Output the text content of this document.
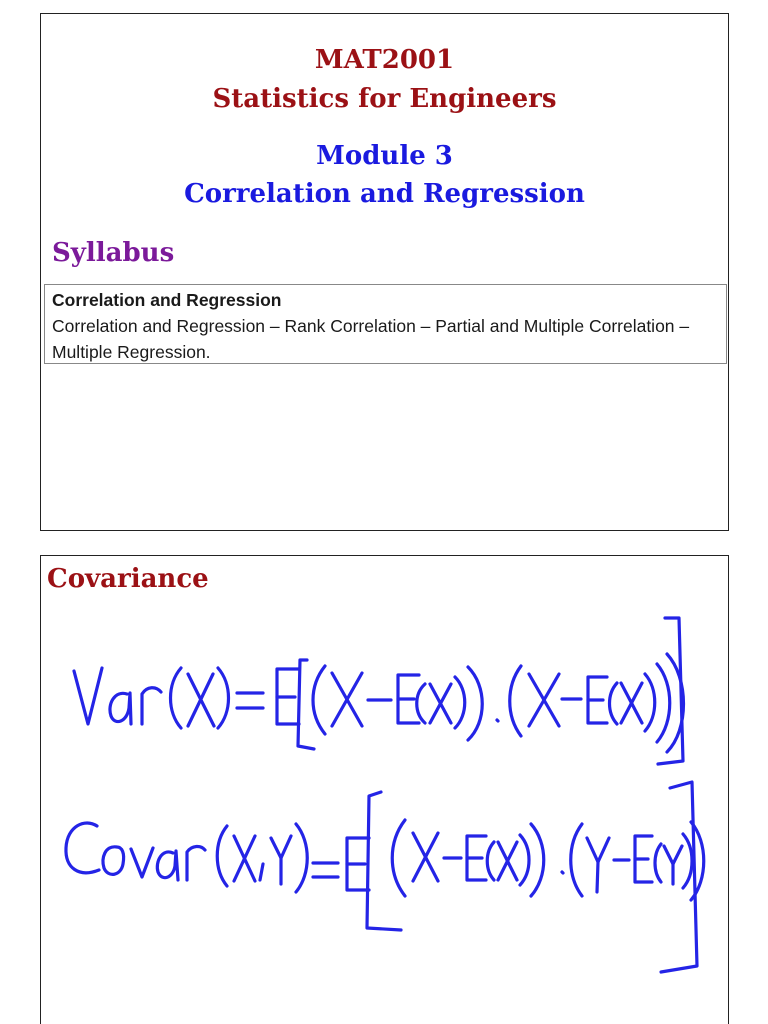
MAT2001
Statistics for Engineers
Module 3
Correlation and Regression
Syllabus
Correlation and Regression
Correlation and Regression – Rank Correlation – Partial and Multiple Correlation – Multiple Regression.
Covariance
